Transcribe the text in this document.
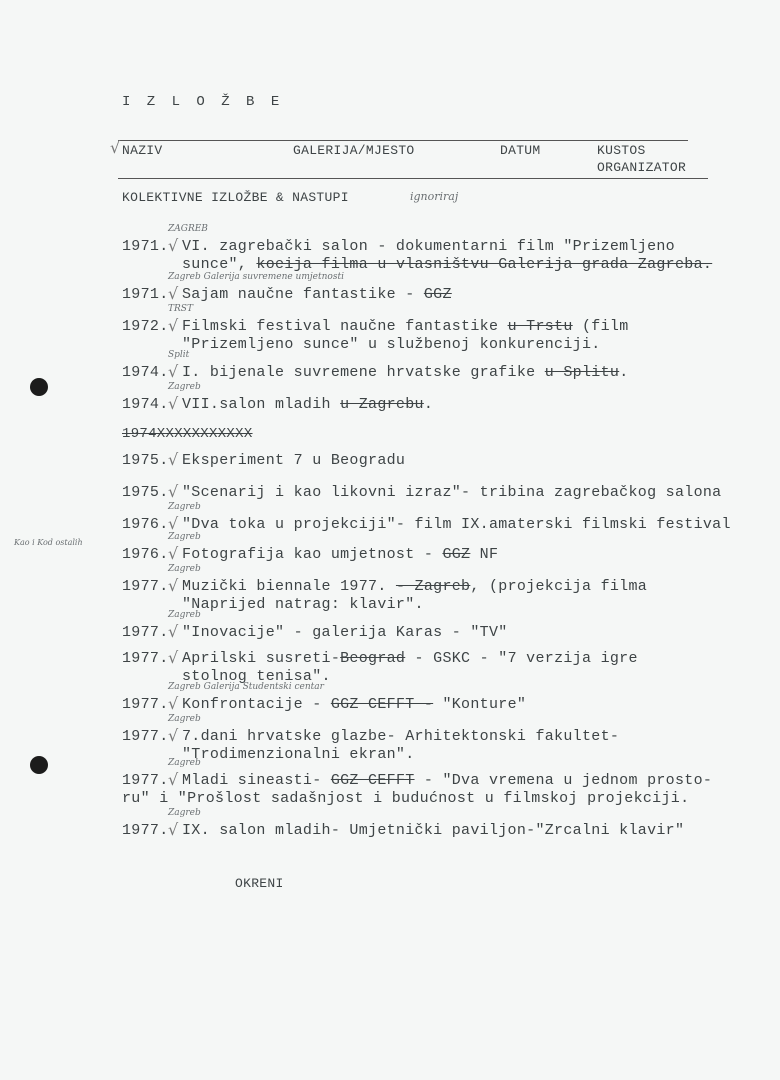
I Z L O Ž B E
NAZIV	GALERIJA/MJESTO	DATUM	KUSTOS
ORGANIZATOR
√
KOLEKTIVNE IZLOŽBE & NASTUPI	ignoriraj
1971. √ VI. zagrebački salon - dokumentarni film "Prizemljeno
sunce", koeija filma u vlasništvu Galerija grada Zagreba.
ZAGREB
1971. √ Sajam naučne fantastike - GGZ
Zagreb Galerija suvremene umjetnosti
1972. √ Filmski festival naučne fantastike u Trstu (film
"Prizemljeno sunce" u službenoj konkurenciji.
TRST
1974. √ I. bijenale suvremene hrvatske grafike u Splitu.
Split
1974. √ VII.salon mladih u Zagrebu.
Zagreb
1974XXXXXXXXXXX
1975. √ Eksperiment 7 u Beogradu
1975. √ "Scenarij i kao likovni izraz"- tribina zagrebačkog salona
1976. √ "Dva toka u projekciji"- film IX.amaterski filmski festival
Zagreb
1976. √ Fotografija kao umjetnost - GGZ NF
Zagreb
1977. √ Muzički biennale 1977. - Zagreb, (projekcija filma
"Naprijed natrag: klavir".
Zagreb
1977. √ "Inovacije" - galerija Karas - "TV"
Zagreb
1977. √ Aprilski susreti-Beograd - GSKC - "7 verzija igre
stolnog tenisa".
1977. √ Konfrontacije - GGZ CEFFT - "Konture"
Zagreb Galerija Studentski centar
1977. √ 7.dani hrvatske glazbe- Arhitektonski fakultet-
"Trodimenzionalni ekran".
Zagreb
1977. √ Mladi sineasti- GGZ CEFFT - "Dva vremena u jednom prosto-
ru" i "Prošlost sadašnjost i budućnost u filmskoj projekciji.
Zagreb
1977. √ IX. salon mladih- Umjetnički paviljon-"Zrcalni klavir"
Zagreb
Kao i Kod ostalih
OKRENI
